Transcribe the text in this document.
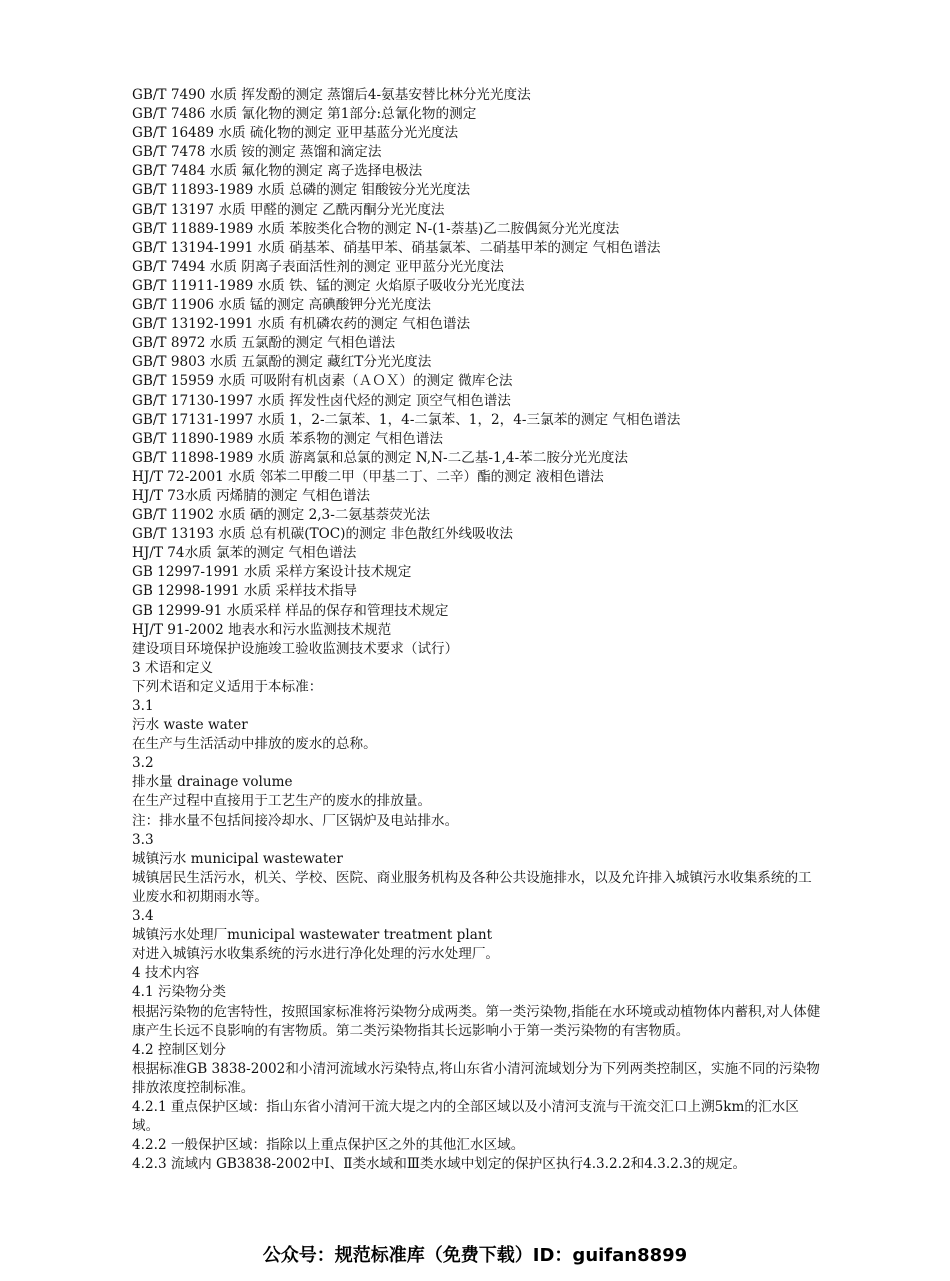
GB/T 7490 水质 挥发酚的测定 蒸馏后4-氨基安替比林分光光度法
GB/T 7486 水质 氰化物的测定 第1部分:总氰化物的测定
GB/T 16489 水质 硫化物的测定 亚甲基蓝分光光度法
GB/T 7478 水质 铵的测定 蒸馏和滴定法
GB/T 7484 水质 氟化物的测定 离子选择电极法
GB/T 11893-1989 水质 总磷的测定 钼酸铵分光光度法
GB/T 13197 水质 甲醛的测定 乙酰丙酮分光光度法
GB/T 11889-1989 水质 苯胺类化合物的测定 N-(1-萘基)乙二胺偶氮分光光度法
GB/T 13194-1991 水质 硝基苯、硝基甲苯、硝基氯苯、二硝基甲苯的测定 气相色谱法
GB/T 7494 水质 阴离子表面活性剂的测定 亚甲蓝分光光度法
GB/T 11911-1989 水质 铁、锰的测定 火焰原子吸收分光光度法
GB/T 11906 水质 锰的测定 高碘酸钾分光光度法
GB/T 13192-1991 水质 有机磷农药的测定 气相色谱法
GB/T 8972 水质 五氯酚的测定 气相色谱法
GB/T 9803 水质 五氯酚的测定 藏红T分光光度法
GB/T 15959 水质 可吸附有机卤素（ＡＯＸ）的测定 微库仑法
GB/T 17130-1997 水质 挥发性卤代烃的测定 顶空气相色谱法
GB/T 17131-1997 水质 1，2-二氯苯、1，4-二氯苯、1，2，4-三氯苯的测定 气相色谱法
GB/T 11890-1989 水质 苯系物的测定 气相色谱法
GB/T 11898-1989 水质 游离氯和总氯的测定 N,N-二乙基-1,4-苯二胺分光光度法
HJ/T 72-2001 水质 邻苯二甲酸二甲（甲基二丁、二辛）酯的测定 液相色谱法
HJ/T 73水质 丙烯腈的测定 气相色谱法
GB/T 11902 水质 硒的测定 2,3-二氨基萘荧光法
GB/T 13193 水质 总有机碳(TOC)的测定 非色散红外线吸收法
HJ/T 74水质 氯苯的测定 气相色谱法
GB 12997-1991 水质 采样方案设计技术规定
GB 12998-1991 水质 采样技术指导
GB 12999-91 水质采样 样品的保存和管理技术规定
HJ/T 91-2002 地表水和污水监测技术规范
建设项目环境保护设施竣工验收监测技术要求（试行）
3 术语和定义
下列术语和定义适用于本标准：
3.1
污水 waste water
在生产与生活活动中排放的废水的总称。
3.2
排水量 drainage volume
在生产过程中直接用于工艺生产的废水的排放量。
注：排水量不包括间接冷却水、厂区锅炉及电站排水。
3.3
城镇污水 municipal wastewater
城镇居民生活污水，机关、学校、医院、商业服务机构及各种公共设施排水，以及允许排入城镇污水收集系统的工业废水和初期雨水等。
3.4
城镇污水处理厂municipal wastewater treatment plant
对进入城镇污水收集系统的污水进行净化处理的污水处理厂。
4 技术内容
4.1 污染物分类
根据污染物的危害特性，按照国家标准将污染物分成两类。第一类污染物,指能在水环境或动植物体内蓄积,对人体健康产生长远不良影响的有害物质。第二类污染物指其长远影响小于第一类污染物的有害物质。
4.2 控制区划分
根据标准GB 3838-2002和小清河流域水污染特点,将山东省小清河流域划分为下列两类控制区，实施不同的污染物排放浓度控制标准。
4.2.1 重点保护区域：指山东省小清河干流大堤之内的全部区域以及小清河支流与干流交汇口上溯5km的汇水区域。
4.2.2 一般保护区域：指除以上重点保护区之外的其他汇水区域。
4.2.3 流域内 GB3838-2002中Ⅰ、Ⅱ类水域和Ⅲ类水域中划定的保护区执行4.3.2.2和4.3.2.3的规定。
公众号：规范标准库（免费下载）ID：guifan8899
